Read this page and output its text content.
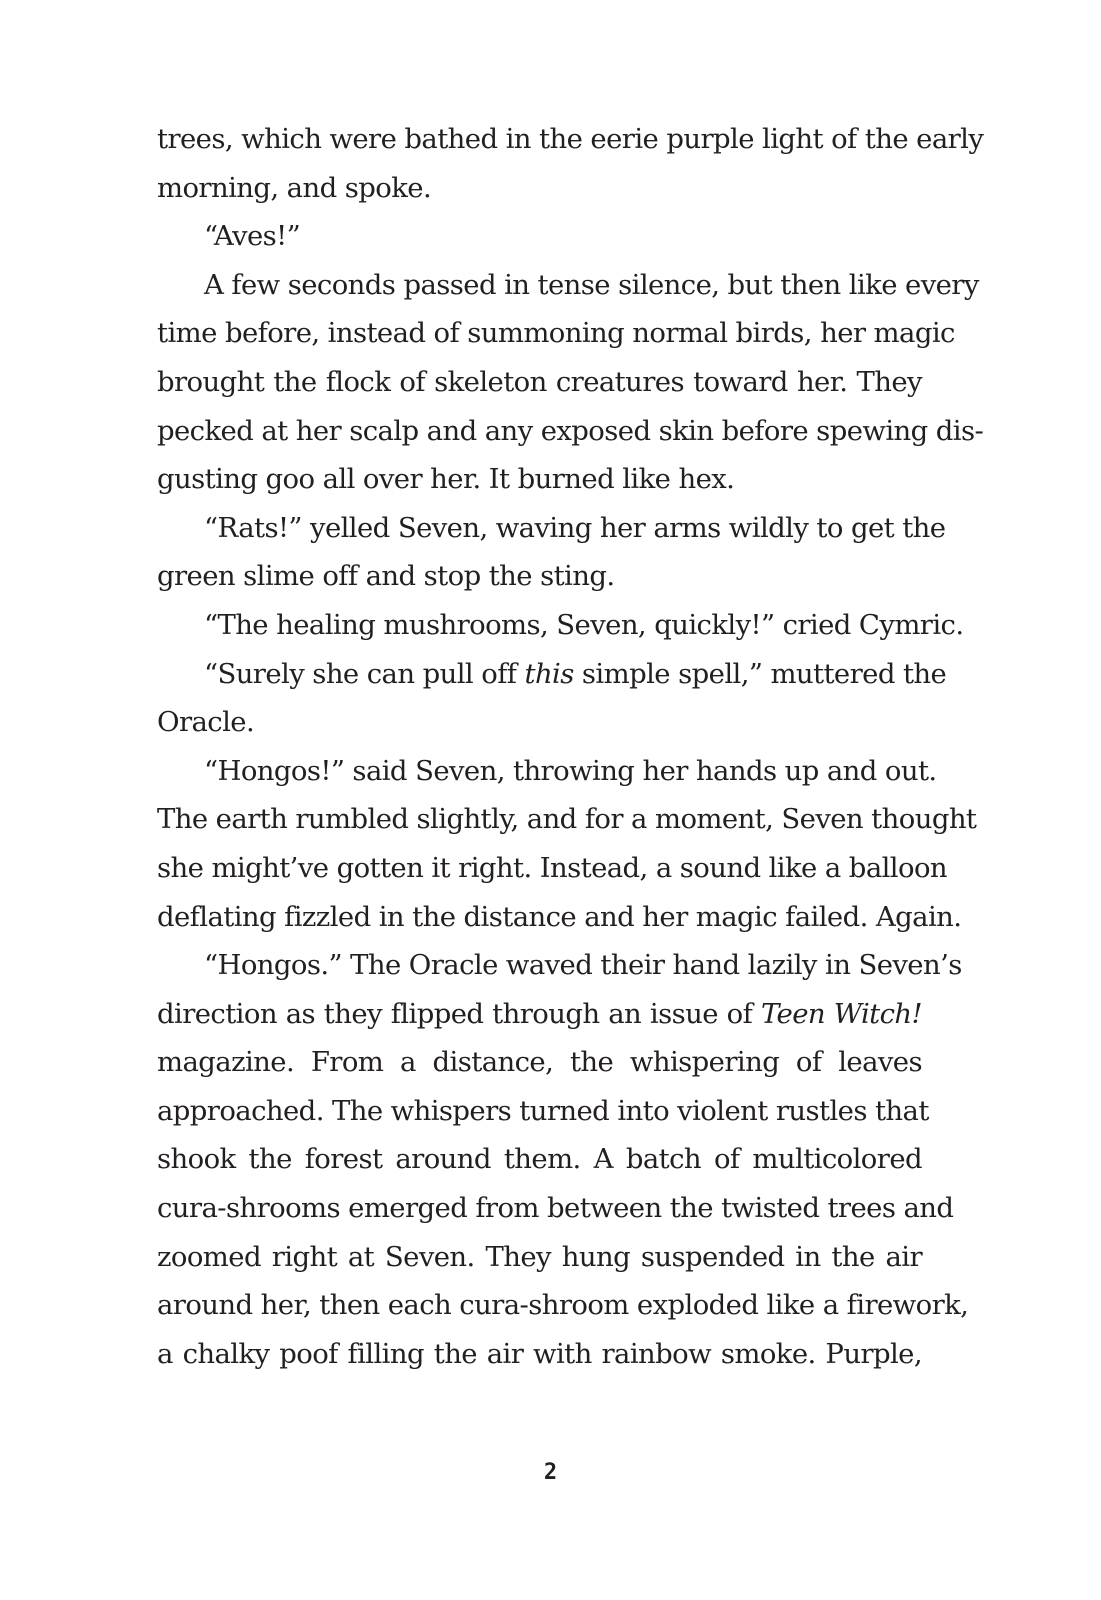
trees, which were bathed in the eerie purple light of the early
morning, and spoke.
“Aves!”
A few seconds passed in tense silence, but then like every
time before, instead of summoning normal birds, her magic
brought the flock of skeleton creatures toward her. They
pecked at her scalp and any exposed skin before spewing dis-
gusting goo all over her. It burned like hex.
“Rats!” yelled Seven, waving her arms wildly to get the
green slime off and stop the sting.
“The healing mushrooms, Seven, quickly!” cried Cymric.
“Surely she can pull off this simple spell,” muttered the
Oracle.
“Hongos!” said Seven, throwing her hands up and out.
The earth rumbled slightly, and for a moment, Seven thought
she might’ve gotten it right. Instead, a sound like a balloon
deflating fizzled in the distance and her magic failed. Again.
“Hongos.” The Oracle waved their hand lazily in Seven’s
direction as they flipped through an issue of Teen Witch!
magazine. From a distance, the whispering of leaves
approached. The whispers turned into violent rustles that
shook the forest around them. A batch of multicolored
cura-shrooms emerged from between the twisted trees and
zoomed right at Seven. They hung suspended in the air
around her, then each cura-shroom exploded like a firework,
a chalky poof filling the air with rainbow smoke. Purple,
2
